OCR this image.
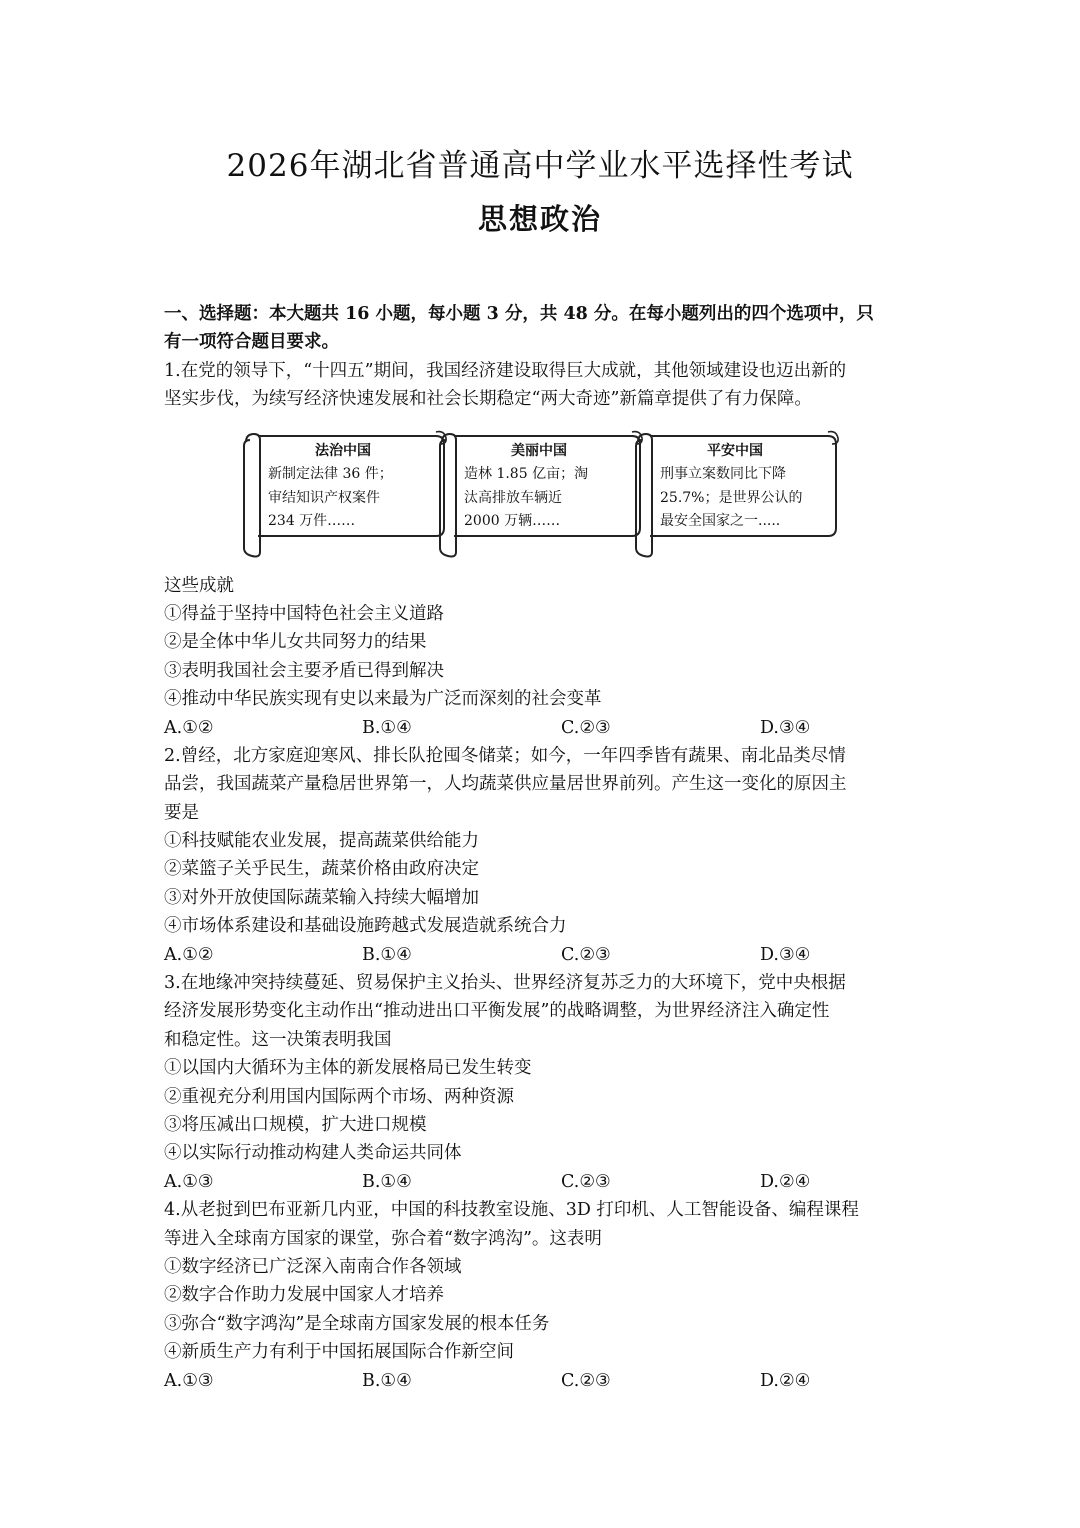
2026年湖北省普通高中学业水平选择性考试
思想政治
一、选择题：本大题共 16 小题，每小题 3 分，共 48 分。在每小题列出的四个选项中，只
有一项符合题目要求。
1.在党的领导下，“十四五”期间，我国经济建设取得巨大成就，其他领域建设也迈出新的
坚实步伐，为续写经济快速发展和社会长期稳定“两大奇迹”新篇章提供了有力保障。
法治中国
新制定法律 36 件；
审结知识产权案件
234 万件……
美丽中国
造林 1.85 亿亩；淘
汰高排放车辆近
2000 万辆……
平安中国
刑事立案数同比下降
25.7%；是世界公认的
最安全国家之一.....
这些成就
①得益于坚持中国特色社会主义道路
②是全体中华儿女共同努力的结果
③表明我国社会主要矛盾已得到解决
④推动中华民族实现有史以来最为广泛而深刻的社会变革
A.①②	B.①④	C.②③	D.③④
2.曾经，北方家庭迎寒风、排长队抢囤冬储菜；如今，一年四季皆有蔬果、南北品类尽情
品尝，我国蔬菜产量稳居世界第一，人均蔬菜供应量居世界前列。产生这一变化的原因主
要是
①科技赋能农业发展，提高蔬菜供给能力
②菜篮子关乎民生，蔬菜价格由政府决定
③对外开放使国际蔬菜输入持续大幅增加
④市场体系建设和基础设施跨越式发展造就系统合力
A.①②	B.①④	C.②③	D.③④
3.在地缘冲突持续蔓延、贸易保护主义抬头、世界经济复苏乏力的大环境下，党中央根据
经济发展形势变化主动作出“推动进出口平衡发展”的战略调整，为世界经济注入确定性
和稳定性。这一决策表明我国
①以国内大循环为主体的新发展格局已发生转变
②重视充分利用国内国际两个市场、两种资源
③将压减出口规模，扩大进口规模
④以实际行动推动构建人类命运共同体
A.①③	B.①④	C.②③	D.②④
4.从老挝到巴布亚新几内亚，中国的科技教室设施、3D 打印机、人工智能设备、编程课程
等进入全球南方国家的课堂，弥合着“数字鸿沟”。这表明
①数字经济已广泛深入南南合作各领域
②数字合作助力发展中国家人才培养
③弥合“数字鸿沟”是全球南方国家发展的根本任务
④新质生产力有利于中国拓展国际合作新空间
A.①③	B.①④	C.②③	D.②④
